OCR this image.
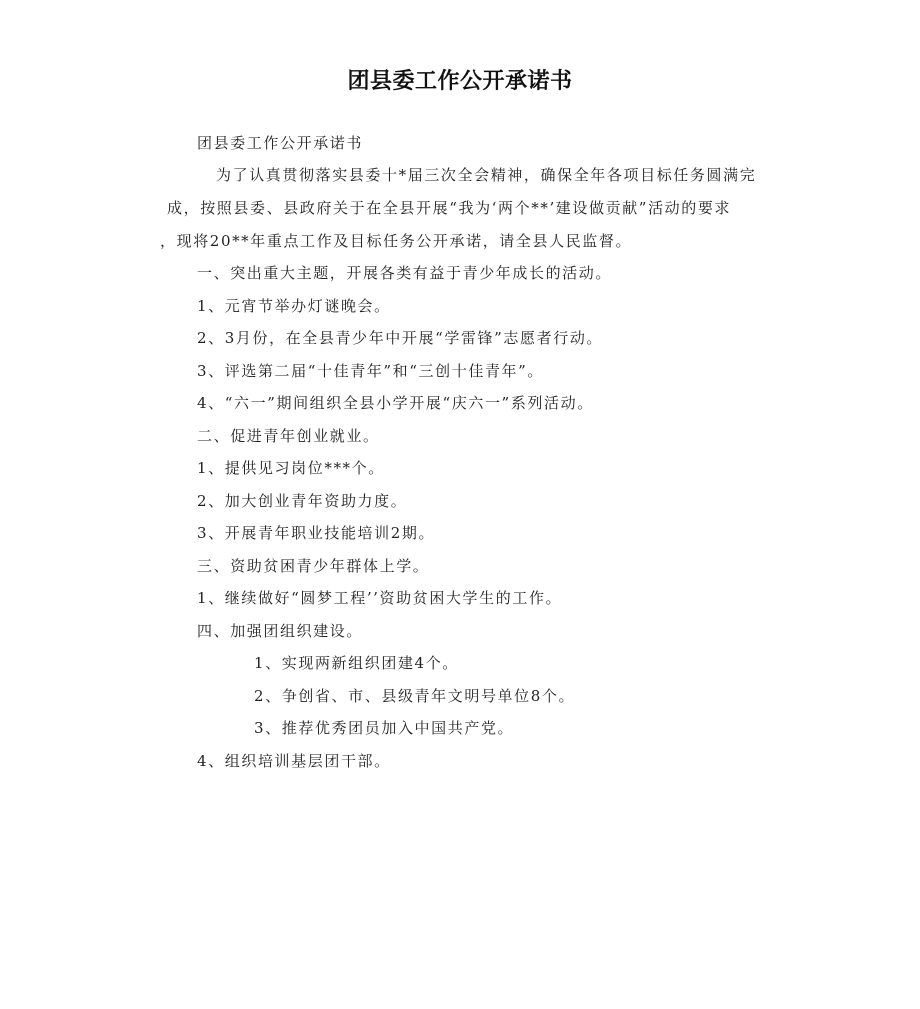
团县委工作公开承诺书
团县委工作公开承诺书
为了认真贯彻落实县委十*届三次全会精神，确保全年各项目标任务圆满完
成，按照县委、县政府关于在全县开展“我为‘两个**’建设做贡献”活动的要求
，现将20**年重点工作及目标任务公开承诺，请全县人民监督。
一、突出重大主题，开展各类有益于青少年成长的活动。
1、元宵节举办灯谜晚会。
2、3月份，在全县青少年中开展“学雷锋”志愿者行动。
3、评选第二届“十佳青年”和“三创十佳青年”。
4、“六一”期间组织全县小学开展“庆六一”系列活动。
二、促进青年创业就业。
1、提供见习岗位***个。
2、加大创业青年资助力度。
3、开展青年职业技能培训2期。
三、资助贫困青少年群体上学。
1、继续做好“圆梦工程’’资助贫困大学生的工作。
四、加强团组织建设。
1、实现两新组织团建4个。
2、争创省、市、县级青年文明号单位8个。
3、推荐优秀团员加入中国共产党。
4、组织培训基层团干部。
